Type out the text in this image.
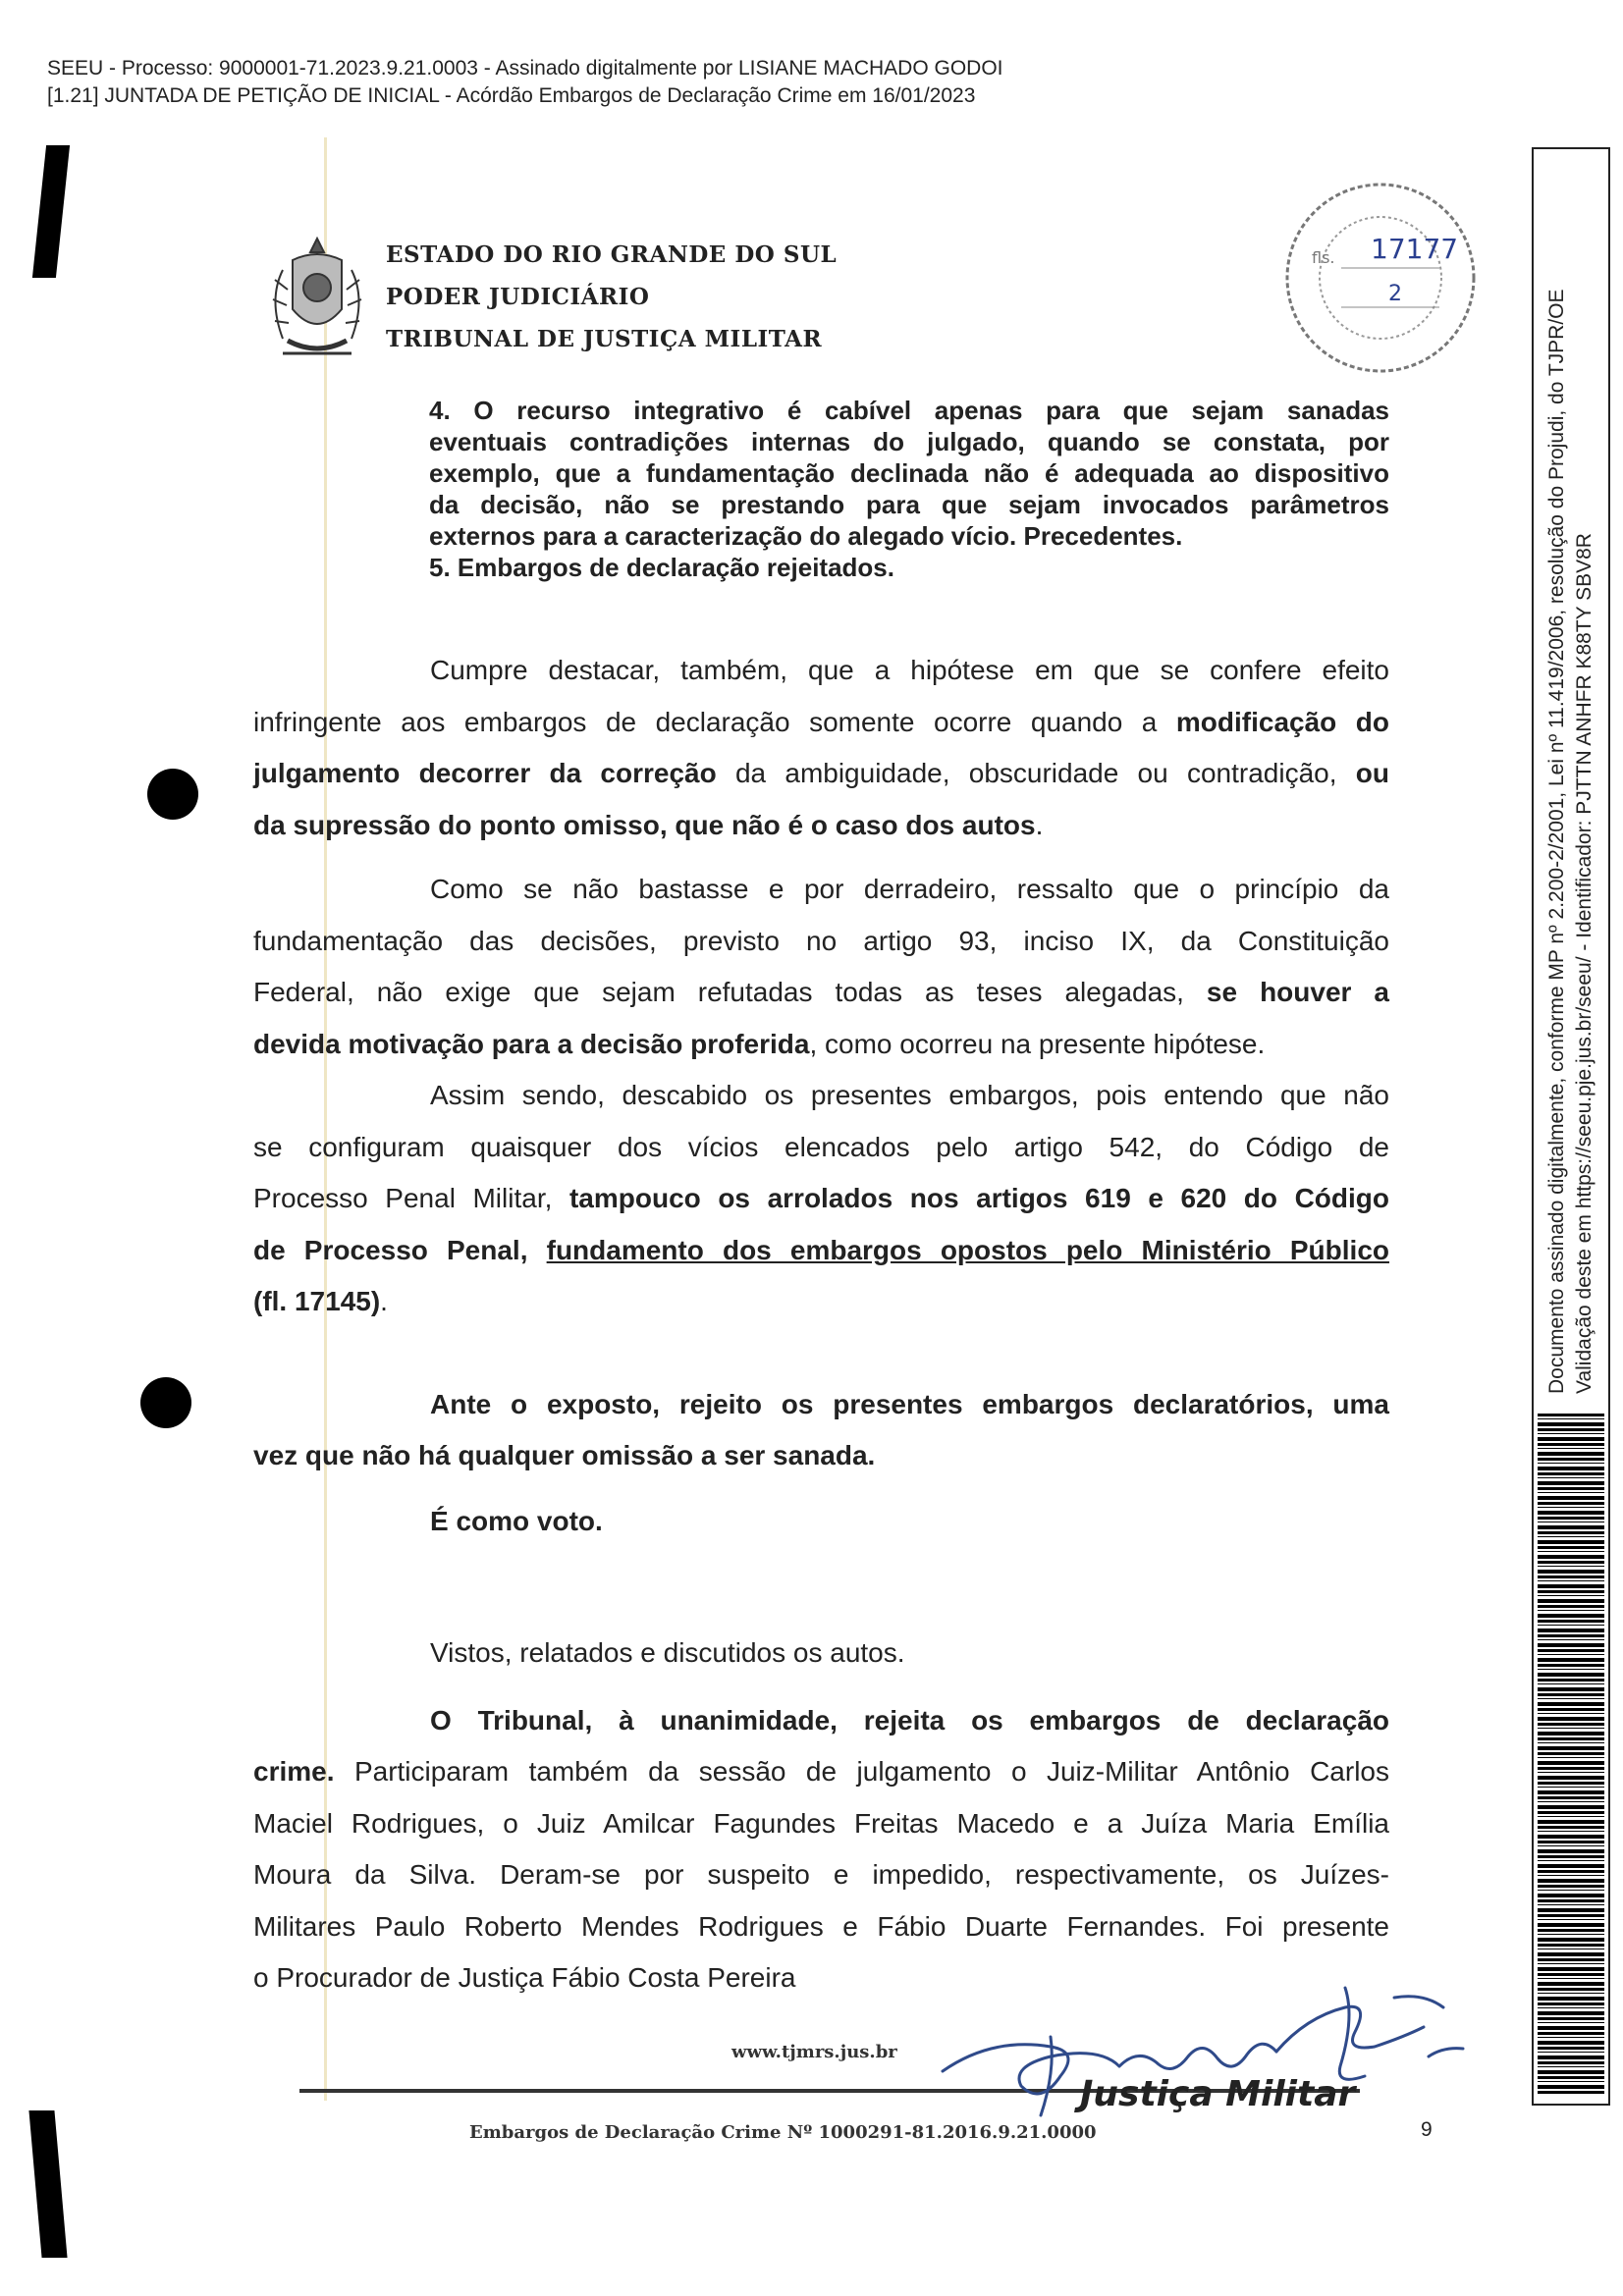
SEEU - Processo: 9000001-71.2023.9.21.0003 - Assinado digitalmente por LISIANE MACHADO GODOI
[1.21] JUNTADA DE PETIÇÃO DE INICIAL - Acórdão Embargos de Declaração Crime em 16/01/2023
ESTADO DO RIO GRANDE DO SUL
PODER JUDICIÁRIO
TRIBUNAL DE JUSTIÇA MILITAR
fls. 17177
2
4. O recurso integrativo é cabível apenas para que sejam sanadas
eventuais contradições internas do julgado, quando se constata, por
exemplo, que a fundamentação declinada não é adequada ao dispositivo
da decisão, não se prestando para que sejam invocados parâmetros
externos para a caracterização do alegado vício. Precedentes.
5. Embargos de declaração rejeitados.
Cumpre destacar, também, que a hipótese em que se confere efeito
infringente aos embargos de declaração somente ocorre quando a modificação do
julgamento decorrer da correção da ambiguidade, obscuridade ou contradição, ou
da supressão do ponto omisso, que não é o caso dos autos.
Como se não bastasse e por derradeiro, ressalto que o princípio da
fundamentação das decisões, previsto no artigo 93, inciso IX, da Constituição
Federal, não exige que sejam refutadas todas as teses alegadas, se houver a
devida motivação para a decisão proferida, como ocorreu na presente hipótese.
Assim sendo, descabido os presentes embargos, pois entendo que não
se configuram quaisquer dos vícios elencados pelo artigo 542, do Código de
Processo Penal Militar, tampouco os arrolados nos artigos 619 e 620 do Código
de Processo Penal, fundamento dos embargos opostos pelo Ministério Público
(fl. 17145).
Ante o exposto, rejeito os presentes embargos declaratórios, uma
vez que não há qualquer omissão a ser sanada.
É como voto.
Vistos, relatados e discutidos os autos.
O Tribunal, à unanimidade, rejeita os embargos de declaração
crime. Participaram também da sessão de julgamento o Juiz-Militar Antônio Carlos
Maciel Rodrigues, o Juiz Amilcar Fagundes Freitas Macedo e a Juíza Maria Emília
Moura da Silva. Deram-se por suspeito e impedido, respectivamente, os Juízes-
Militares Paulo Roberto Mendes Rodrigues e Fábio Duarte Fernandes. Foi presente
o Procurador de Justiça Fábio Costa Pereira
www.tjmrs.jus.br
Justiça Militar
Embargos de Declaração Crime Nº 1000291-81.2016.9.21.0000	9
Documento assinado digitalmente, conforme MP nº 2.200-2/2001, Lei nº 11.419/2006, resolução do Projudi, do TJPR/OE Validação deste em https://seeu.pje.jus.br/seeu/ - Identificador: PJTTN ANHFR K88TY SBV8R
